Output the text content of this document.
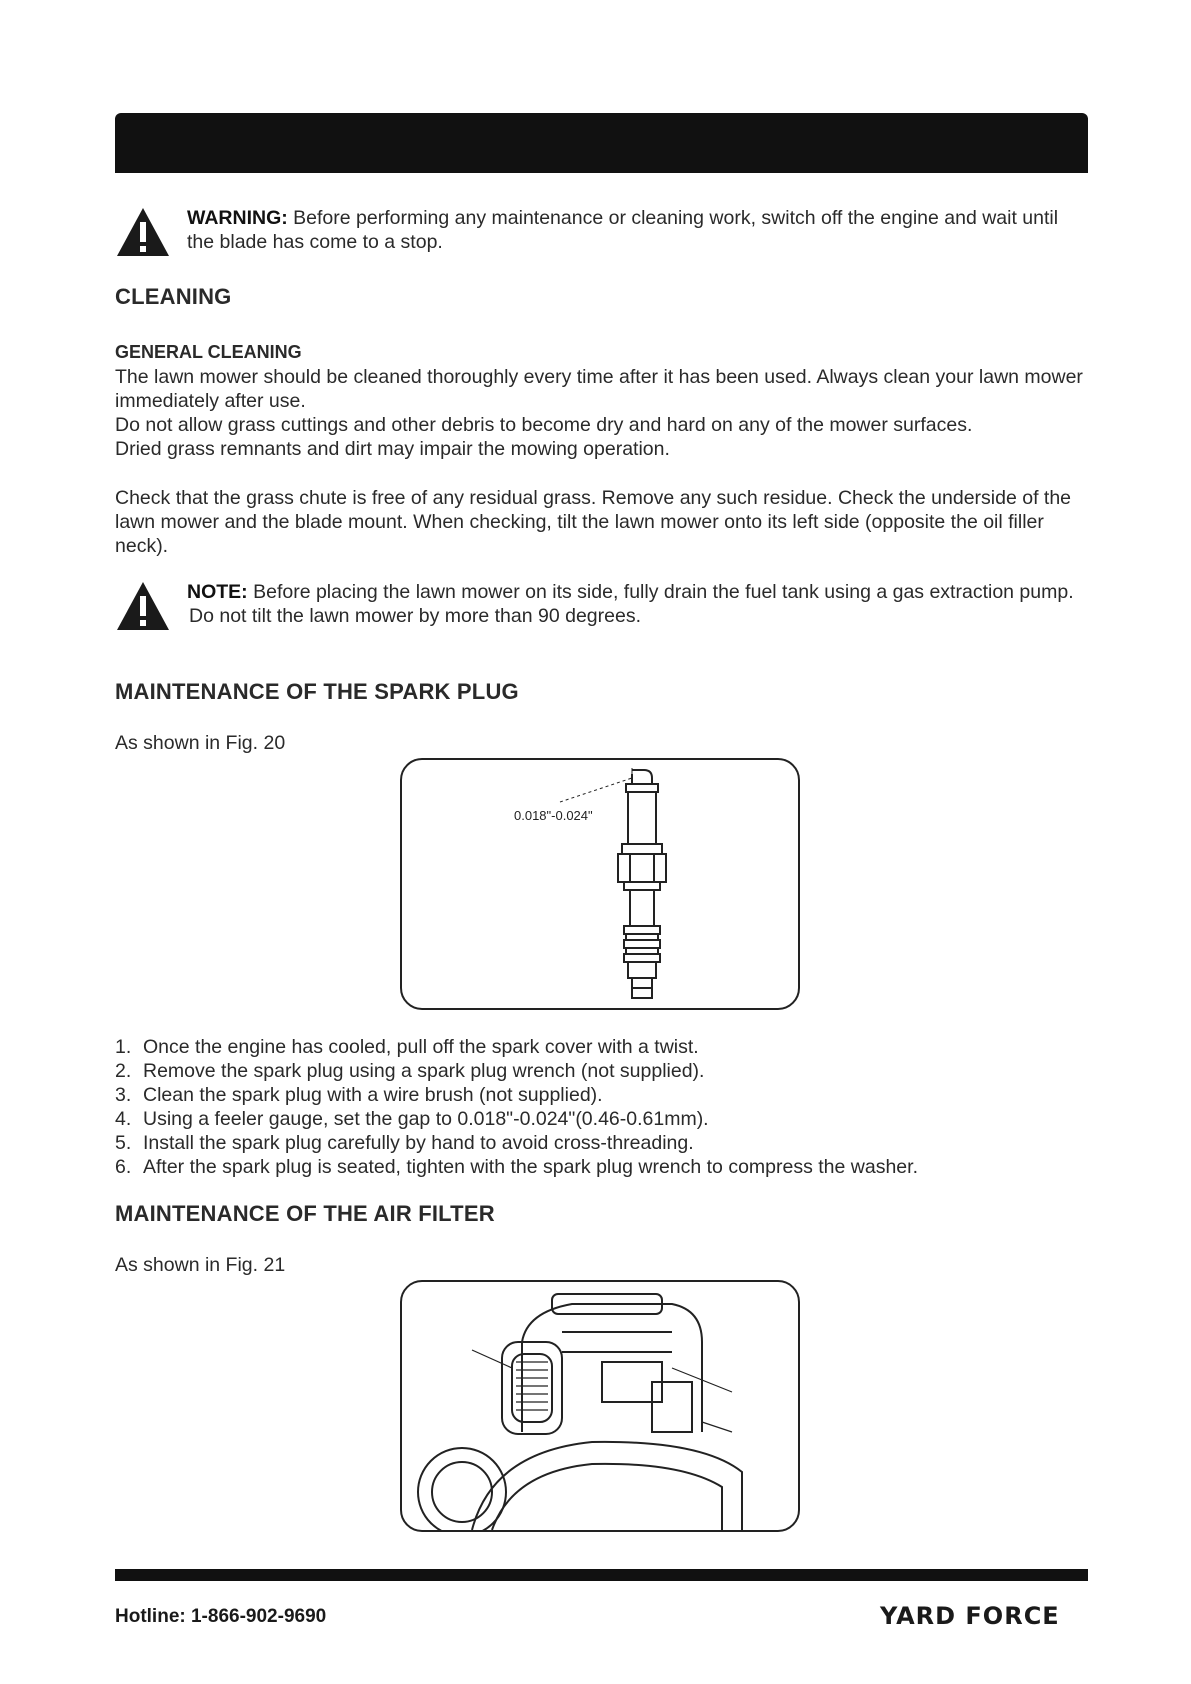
WARNING: Before performing any maintenance or cleaning work, switch off the engine and wait until the blade has come to a stop.
CLEANING
GENERAL CLEANING
The lawn mower should be cleaned thoroughly every time after it has been used. Always clean your lawn mower immediately after use.
Do not allow grass cuttings and other debris to become dry and hard on any of the mower surfaces.
Dried grass remnants and dirt may impair the mowing operation.
Check that the grass chute is free of any residual grass. Remove any such residue. Check the underside of the lawn mower and the blade mount. When checking, tilt the lawn mower onto its left side (opposite the oil filler neck).
NOTE: Before placing the lawn mower on its side, fully drain the fuel tank using a gas extraction pump.
Do not tilt the lawn mower by more than 90 degrees.
MAINTENANCE OF THE SPARK PLUG
As shown in Fig. 20
0.018"-0.024"
1. Once the engine has cooled, pull off the spark cover with a twist.
2. Remove the spark plug using a spark plug wrench (not supplied).
3. Clean the spark plug with a wire brush (not supplied).
4. Using a feeler gauge, set the gap to 0.018"-0.024"(0.46-0.61mm).
5. Install the spark plug carefully by hand to avoid cross-threading.
6. After the spark plug is seated, tighten with the spark plug wrench to compress the washer.
MAINTENANCE OF THE AIR FILTER
As shown in Fig. 21
Hotline: 1-866-902-9690	YARD FORCE
